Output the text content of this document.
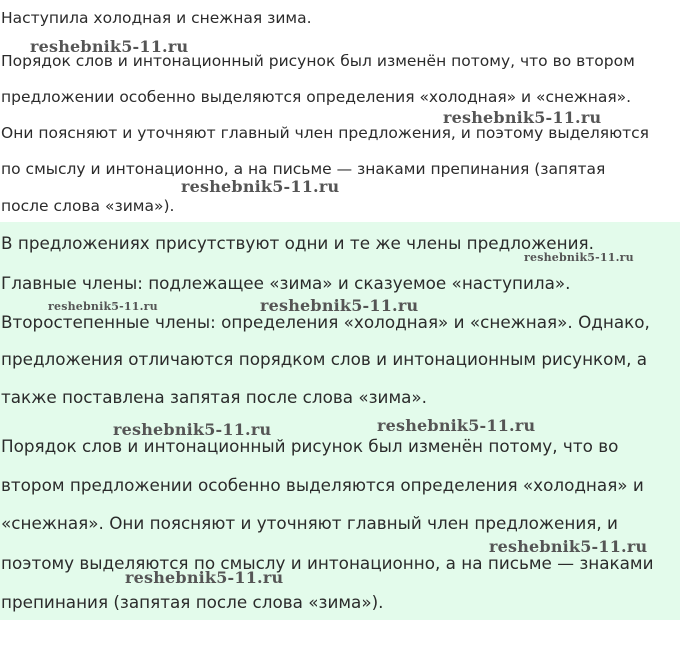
Наступила холодная и снежная зима.

Порядок слов и интонационный рисунок был изменён потому, что во втором

предложении особенно выделяются определения «холодная» и «снежная».

Они поясняют и уточняют главный член предложения, и поэтому выделяются

по смыслу и интонационно, а на письме — знаками препинания (запятая

после слова «зима»).

В предложениях присутствуют одни и те же члены предложения.

Главные члены: подлежащее «зима» и сказуемое «наступила».

Второстепенные члены: определения «холодная» и «снежная». Однако,

предложения отличаются порядком слов и интонационным рисунком, а

также поставлена запятая после слова «зима».

Порядок слов и интонационный рисунок был изменён потому, что во

втором предложении особенно выделяются определения «холодная» и

«снежная». Они поясняют и уточняют главный член предложения, и

поэтому выделяются по смыслу и интонационно, а на письме — знаками

препинания (запятая после слова «зима»).

reshebnik5-11.ru
reshebnik5-11.ru
reshebnik5-11.ru
reshebnik5-11.ru
reshebnik5-11.ru	reshebnik5-11.ru
reshebnik5-11.ru
reshebnik5-11.ru
reshebnik5-11.ru
reshebnik5-11.ru
